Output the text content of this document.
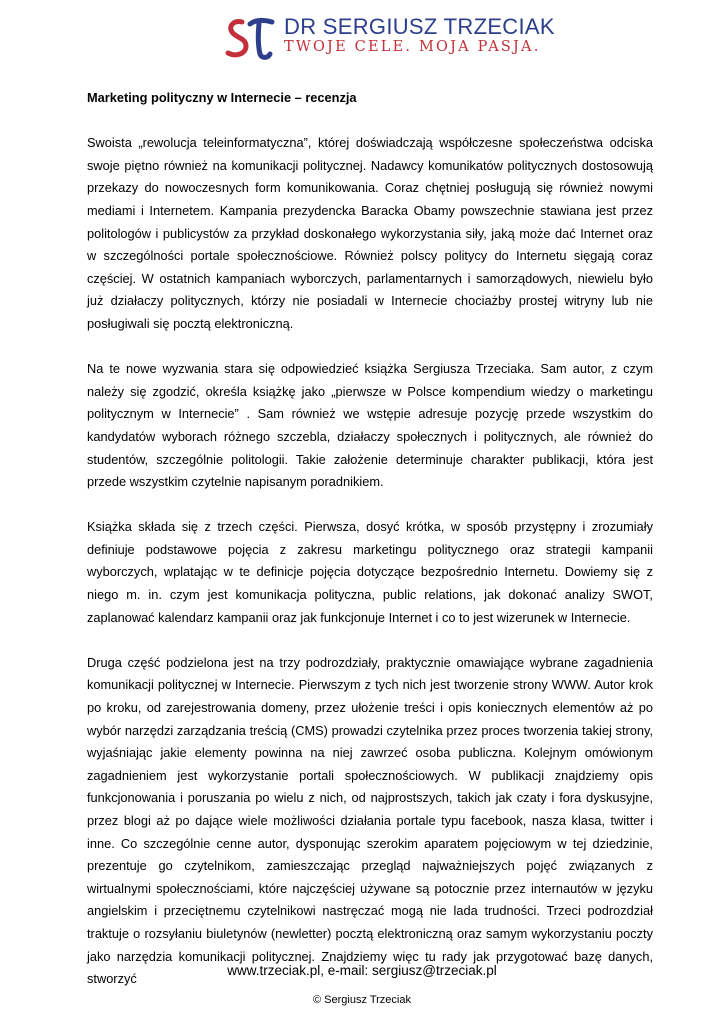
DR SERGIUSZ TRZECIAK
TWOJE CELE. MOJA PASJA.
Marketing polityczny w Internecie – recenzja

Swoista „rewolucja teleinformatyczna”, której doświadczają współczesne społeczeństwa odciska swoje piętno również na komunikacji politycznej. Nadawcy komunikatów politycznych dostosowują przekazy do nowoczesnych form komunikowania. Coraz chętniej posługują się również nowymi mediami i Internetem. Kampania prezydencka Baracka Obamy powszechnie stawiana jest przez politologów i publicystów za przykład doskonałego wykorzystania siły, jaką może dać Internet oraz w szczególności portale społecznościowe. Również polscy politycy do Internetu sięgają coraz częściej. W ostatnich kampaniach wyborczych, parlamentarnych i samorządowych, niewielu było już działaczy politycznych, którzy nie posiadali w Internecie chociażby prostej witryny lub nie posługiwali się pocztą elektroniczną.

Na te nowe wyzwania stara się odpowiedzieć książka Sergiusza Trzeciaka. Sam autor, z czym należy się zgodzić, określa książkę jako „pierwsze w Polsce kompendium wiedzy o marketingu politycznym w Internecie” . Sam również we wstępie adresuje pozycję przede wszystkim do kandydatów wyborach różnego szczebla, działaczy społecznych i politycznych, ale również do studentów, szczególnie politologii. Takie założenie determinuje charakter publikacji, która jest przede wszystkim czytelnie napisanym poradnikiem.

Książka składa się z trzech części. Pierwsza, dosyć krótka, w sposób przystępny i zrozumiały definiuje podstawowe pojęcia z zakresu marketingu politycznego oraz strategii kampanii wyborczych, wplatając w te definicje pojęcia dotyczące bezpośrednio Internetu. Dowiemy się z niego m. in. czym jest komunikacja polityczna, public relations, jak dokonać analizy SWOT, zaplanować kalendarz kampanii oraz jak funkcjonuje Internet i co to jest wizerunek w Internecie.

Druga część podzielona jest na trzy podrozdziały, praktycznie omawiające wybrane zagadnienia komunikacji politycznej w Internecie. Pierwszym z tych nich jest tworzenie strony WWW. Autor krok po kroku, od zarejestrowania domeny, przez ułożenie treści i opis koniecznych elementów aż po wybór narzędzi zarządzania treścią (CMS) prowadzi czytelnika przez proces tworzenia takiej strony, wyjaśniając jakie elementy powinna na niej zawrzeć osoba publiczna. Kolejnym omówionym zagadnieniem jest wykorzystanie portali społecznościowych. W publikacji znajdziemy opis funkcjonowania i poruszania po wielu z nich, od najprostszych, takich jak czaty i fora dyskusyjne, przez blogi aż po dające wiele możliwości działania portale typu facebook, nasza klasa, twitter i inne. Co szczególnie cenne autor, dysponując szerokim aparatem pojęciowym w tej dziedzinie, prezentuje go czytelnikom, zamieszczając przegląd najważniejszych pojęć związanych z wirtualnymi społecznościami, które najczęściej używane są potocznie przez internautów w języku angielskim i przeciętnemu czytelnikowi nastręczać mogą nie lada trudności. Trzeci podrozdział traktuje o rozsyłaniu biuletynów (newletter) pocztą elektroniczną oraz samym wykorzystaniu poczty jako narzędzia komunikacji politycznej. Znajdziemy więc tu rady jak przygotować bazę danych, stworzyć

www.trzeciak.pl, e-mail: sergiusz@trzeciak.pl
© Sergiusz Trzeciak
